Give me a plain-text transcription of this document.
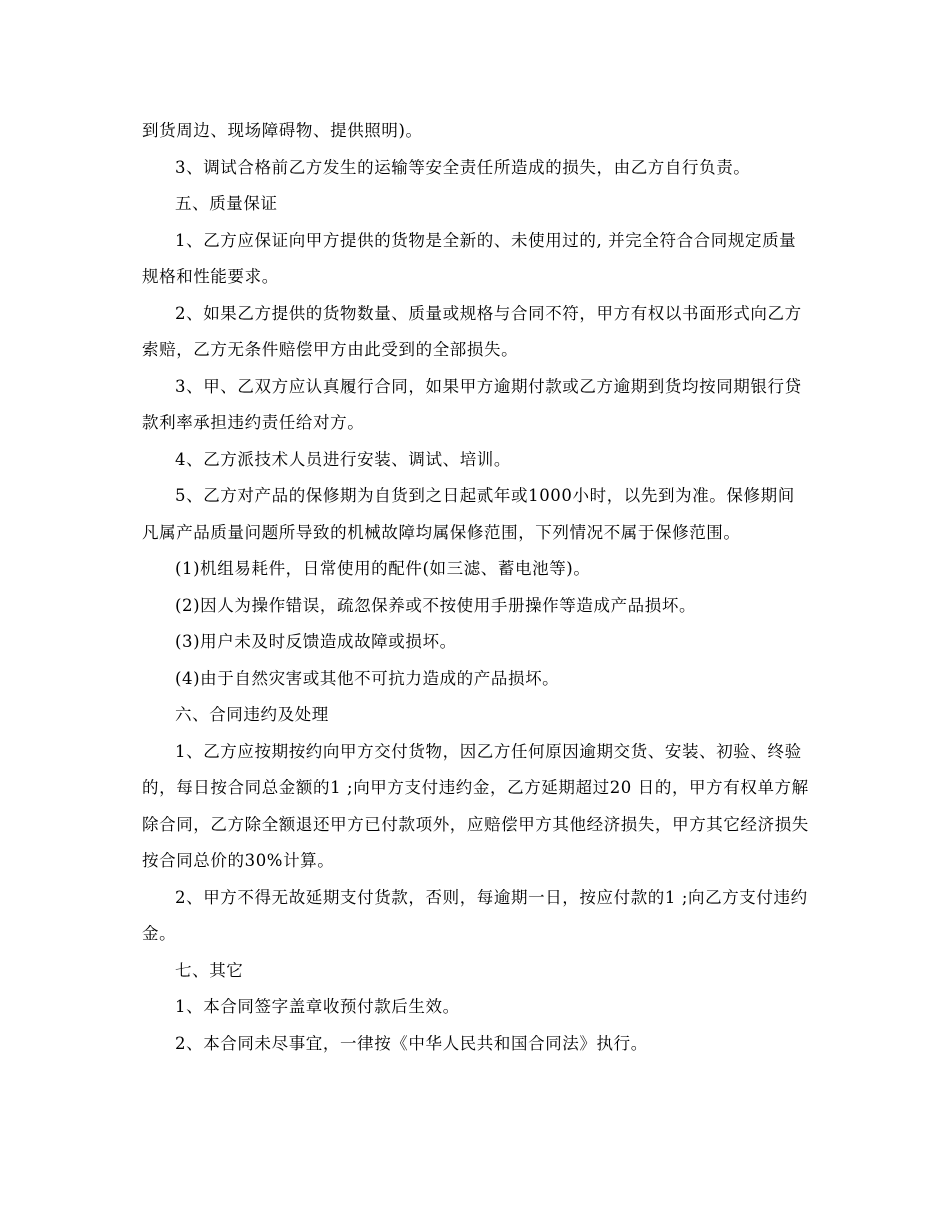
到货周边、现场障碍物、提供照明)。

3、调试合格前乙方发生的运输等安全责任所造成的损失，由乙方自行负责。

五、质量保证

1、乙方应保证向甲方提供的货物是全新的、未使用过的, 并完全符合合同规定质量规格和性能要求。

2、如果乙方提供的货物数量、质量或规格与合同不符，甲方有权以书面形式向乙方索赔，乙方无条件赔偿甲方由此受到的全部损失。

3、甲、乙双方应认真履行合同，如果甲方逾期付款或乙方逾期到货均按同期银行贷款利率承担违约责任给对方。

4、乙方派技术人员进行安装、调试、培训。

5、乙方对产品的保修期为自货到之日起贰年或1000小时，以先到为准。保修期间凡属产品质量问题所导致的机械故障均属保修范围，下列情况不属于保修范围。

(1)机组易耗件，日常使用的配件(如三滤、蓄电池等)。

(2)因人为操作错误，疏忽保养或不按使用手册操作等造成产品损坏。

(3)用户未及时反馈造成故障或损坏。

(4)由于自然灾害或其他不可抗力造成的产品损坏。

六、合同违约及处理

1、乙方应按期按约向甲方交付货物，因乙方任何原因逾期交货、安装、初验、终验的，每日按合同总金额的1 ;向甲方支付违约金，乙方延期超过20 日的，甲方有权单方解除合同，乙方除全额退还甲方已付款项外，应赔偿甲方其他经济损失，甲方其它经济损失按合同总价的30%计算。

2、甲方不得无故延期支付货款，否则，每逾期一日，按应付款的1 ;向乙方支付违约金。

七、其它

1、本合同签字盖章收预付款后生效。

2、本合同未尽事宜，一律按《中华人民共和国合同法》执行。
